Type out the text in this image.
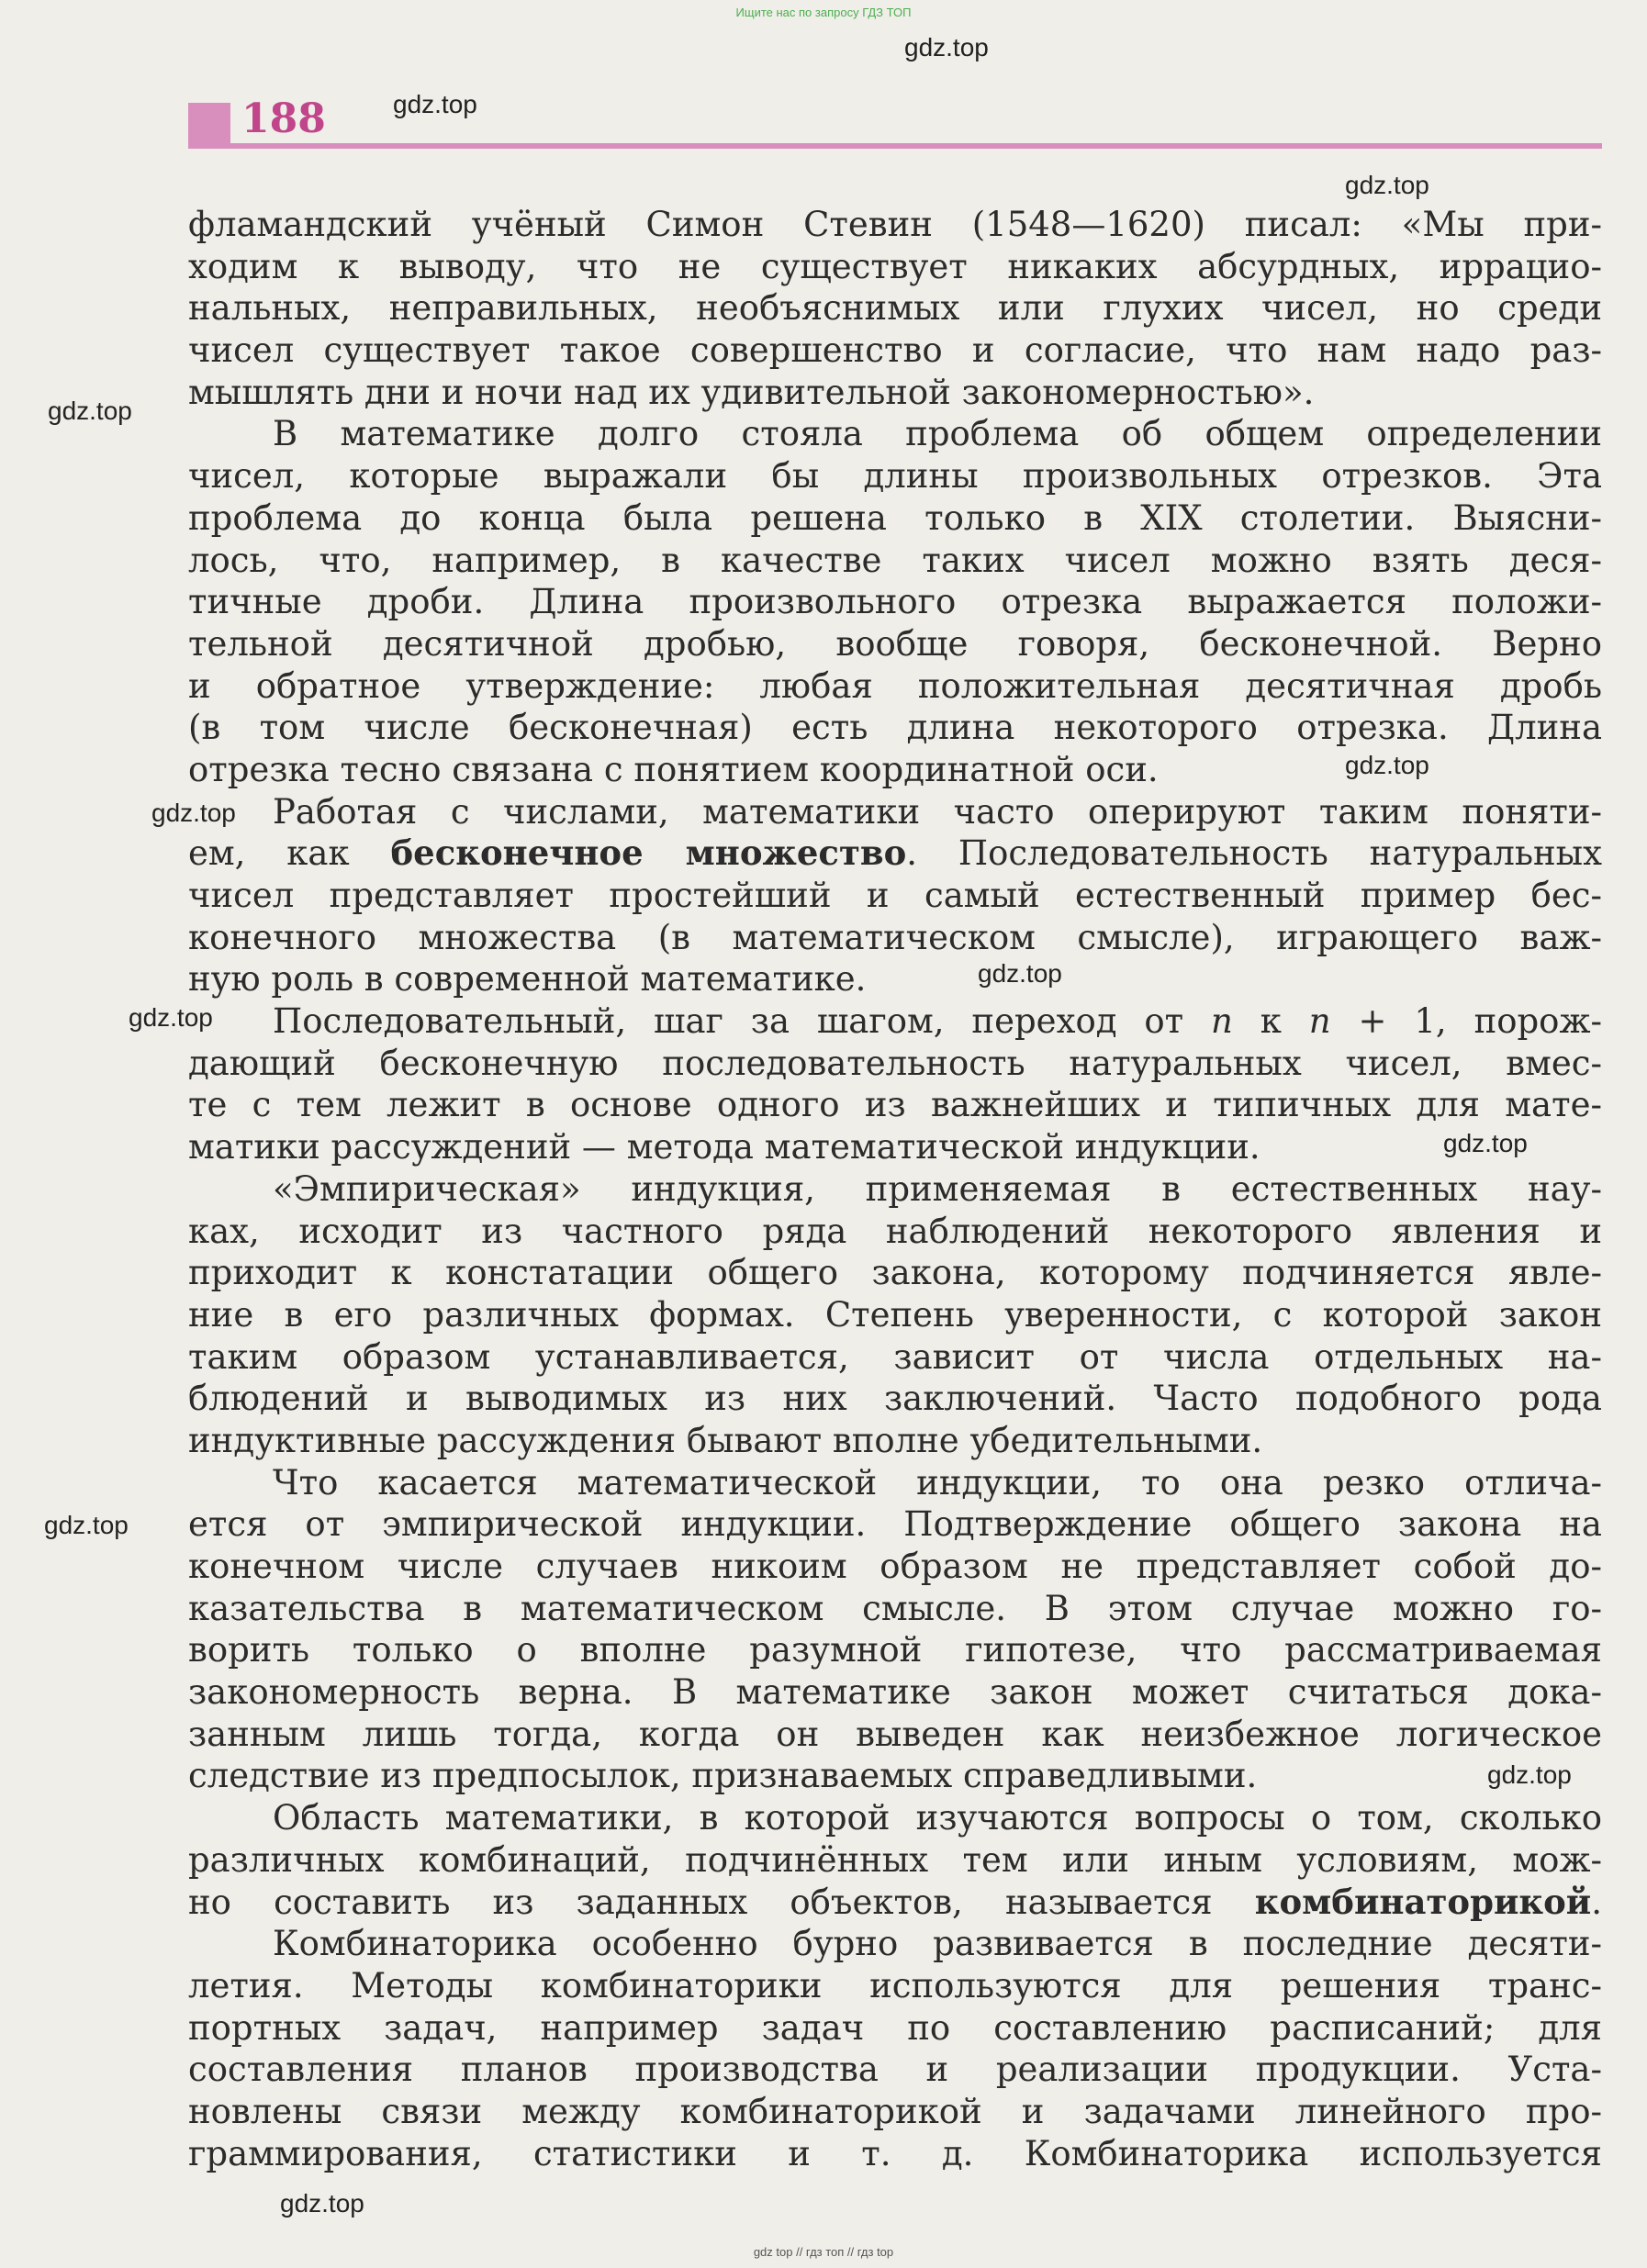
Ищите нас по запросу ГДЗ ТОП
gdz.top
gdz.top
gdz.top
gdz.top
gdz.top
gdz.top
gdz.top
gdz.top
gdz.top
gdz.top
gdz.top
gdz.top
188
фламандский учёный Симон Стевин (1548—1620) писал: «Мы при-
ходим к выводу, что не существует никаких абсурдных, иррацио-
нальных, неправильных, необъяснимых или глухих чисел, но среди
чисел существует такое совершенство и согласие, что нам надо раз-
мышлять дни и ночи над их удивительной закономерностью».
В математике долго стояла проблема об общем определении
чисел, которые выражали бы длины произвольных отрезков. Эта
проблема до конца была решена только в XIX столетии. Выясни-
лось, что, например, в качестве таких чисел можно взять деся-
тичные дроби. Длина произвольного отрезка выражается положи-
тельной десятичной дробью, вообще говоря, бесконечной. Верно
и обратное утверждение: любая положительная десятичная дробь
(в том числе бесконечная) есть длина некоторого отрезка. Длина
отрезка тесно связана с понятием координатной оси.
Работая с числами, математики часто оперируют таким поняти-
ем, как бесконечное множество. Последовательность натуральных
чисел представляет простейший и самый естественный пример бес-
конечного множества (в математическом смысле), играющего важ-
ную роль в современной математике.
Последовательный, шаг за шагом, переход от n к n + 1, порож-
дающий бесконечную последовательность натуральных чисел, вмес-
те с тем лежит в основе одного из важнейших и типичных для мате-
матики рассуждений — метода математической индукции.
«Эмпирическая» индукция, применяемая в естественных нау-
ках, исходит из частного ряда наблюдений некоторого явления и
приходит к констатации общего закона, которому подчиняется явле-
ние в его различных формах. Степень уверенности, с которой закон
таким образом устанавливается, зависит от числа отдельных на-
блюдений и выводимых из них заключений. Часто подобного рода
индуктивные рассуждения бывают вполне убедительными.
Что касается математической индукции, то она резко отлича-
ется от эмпирической индукции. Подтверждение общего закона на
конечном числе случаев никоим образом не представляет собой до-
казательства в математическом смысле. В этом случае можно го-
ворить только о вполне разумной гипотезе, что рассматриваемая
закономерность верна. В математике закон может считаться дока-
занным лишь тогда, когда он выведен как неизбежное логическое
следствие из предпосылок, признаваемых справедливыми.
Область математики, в которой изучаются вопросы о том, сколько
различных комбинаций, подчинённых тем или иным условиям, мож-
но составить из заданных объектов, называется комбинаторикой.
Комбинаторика особенно бурно развивается в последние десяти-
летия. Методы комбинаторики используются для решения транс-
портных задач, например задач по составлению расписаний; для
составления планов производства и реализации продукции. Уста-
новлены связи между комбинаторикой и задачами линейного про-
граммирования, статистики и т. д. Комбинаторика используется
gdz top // гдз топ // гдз top
